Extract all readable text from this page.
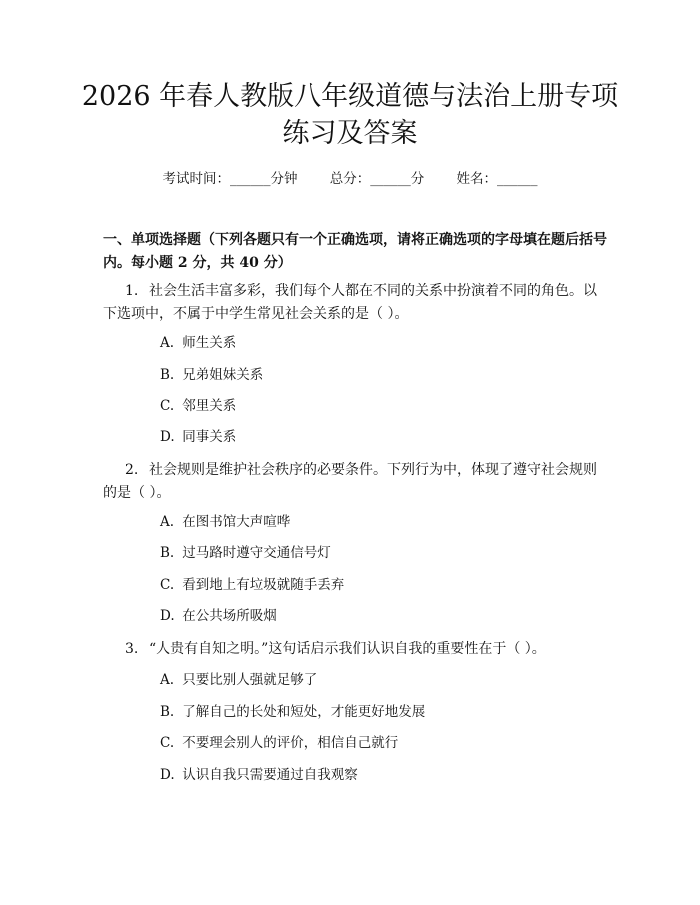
2026 年春人教版八年级道德与法治上册专项
练习及答案
考试时间：______分钟 总分：______分 姓名：______
一、单项选择题（下列各题只有一个正确选项，请将正确选项的字母填在题后括号内。每小题 2 分，共 40 分）
1. 社会生活丰富多彩，我们每个人都在不同的关系中扮演着不同的角色。以下选项中，不属于中学生常见社会关系的是（ ）。
A. 师生关系
B. 兄弟姐妹关系
C. 邻里关系
D. 同事关系
2. 社会规则是维护社会秩序的必要条件。下列行为中，体现了遵守社会规则的是（ ）。
A. 在图书馆大声喧哗
B. 过马路时遵守交通信号灯
C. 看到地上有垃圾就随手丢弃
D. 在公共场所吸烟
3. “人贵有自知之明。”这句话启示我们认识自我的重要性在于（ ）。
A. 只要比别人强就足够了
B. 了解自己的长处和短处，才能更好地发展
C. 不要理会别人的评价，相信自己就行
D. 认识自我只需要通过自我观察
